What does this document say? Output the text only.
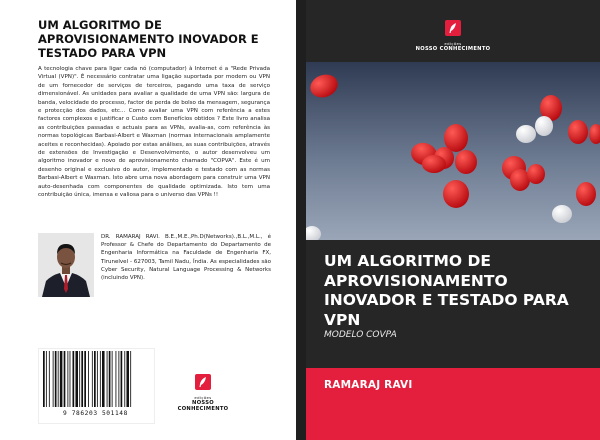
UM ALGORITMO DE APROVISIONAMENTO INOVADOR E TESTADO PARA VPN
A tecnologia chave para ligar cada nó (computador) à Internet é a "Rede Privada Virtual (VPN)". É necessário contratar uma ligação suportada por modem ou VPN de um fornecedor de serviços de terceiros, pagando uma taxa de serviço dimensionável. As unidades para avaliar a qualidade de uma VPN são: largura de banda, velocidade do processo, factor de perda de bolso da mensagem, segurança e protecção dos dados, etc... Como avaliar uma VPN com referência a estes factores complexos e justificar o Custo com Benefícios obtidos ? Este livro analisa as contribuições passadas e actuais para as VPNs, avalia-as, com referência às normas topológicas Barbasi-Albert e Waxman (normas internacionais amplamente aceites e reconhecidas). Apoiado por estas análises, as suas contribuições, através de extensões de Investigação e Desenvolvimento, o autor desenvolveu um algoritmo inovador e novo de aprovisionamento chamado "COPVA". Este é um desenho original e exclusivo do autor, implementado e testado com as normas Barbasi-Albert e Waxman. Isto abre uma nova abordagem para construir uma VPN auto-desenhada com componentes de qualidade optimizada. Isto tem uma contribuição única, imensa e valiosa para o universo das VPNs !!
DR. RAMARAJ RAVI. B.E.,M.E.,Ph.D(Networks).,B.L.,M.L., é Professor & Chefe do Departamento do Departamento de Engenharia Informática na Faculdade de Engenharia FX, Tirunelvel - 627003, Tamil Nadu, Índia. As especialidades são Cyber Security, Natural Language Processing & Networks (incluindo VPN).
9 786203 501148
edições
NOSSO CONHECIMENTO
edições
NOSSO CONHECIMENTO
UM ALGORITMO DE APROVISIONAMENTO INOVADOR E TESTADO PARA VPN
MODELO COVPA
RAMARAJ RAVI
